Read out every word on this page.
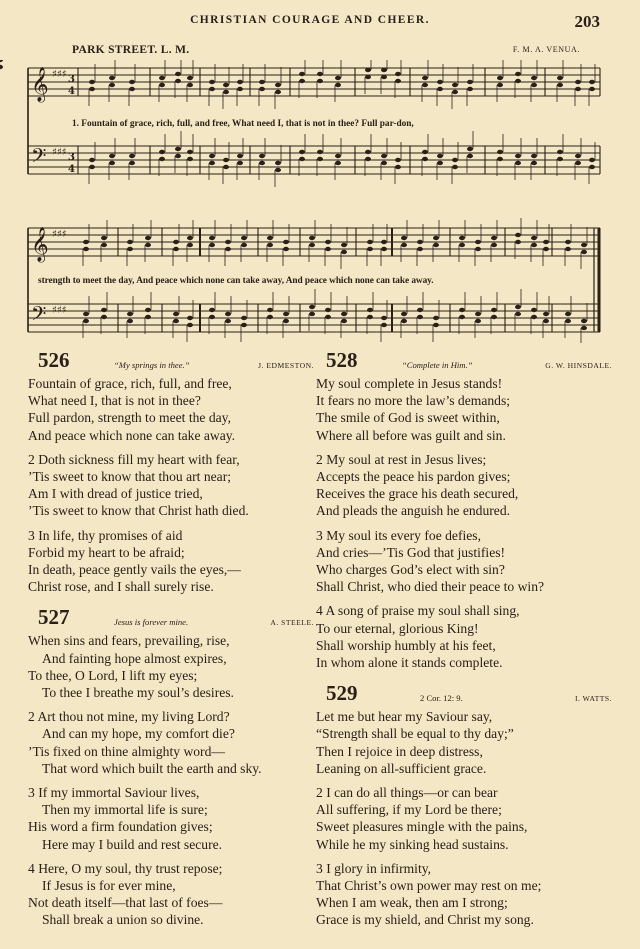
CHRISTIAN COURAGE AND CHEER.	203
PARK STREET. L. M.	F. M. A. VENUA.
𝄞
𝄢
♯♯♯ 3
4
♯♯♯ 3
4
1. Fountain of grace, rich, full, and free, What need I, that is not in thee? Full par-don,
𝄞
𝄢
♯♯♯
♯♯♯
strength to meet the day, And peace which none can take away, And peace which none can take away.
526	“My springs in thee.”	J. EDMESTON.
Fountain of grace, rich, full, and free,
What need I, that is not in thee?
Full pardon, strength to meet the day,
And peace which none can take away.
2 Doth sickness fill my heart with fear,
’Tis sweet to know that thou art near;
Am I with dread of justice tried,
’Tis sweet to know that Christ hath died.
3 In life, thy promises of aid
Forbid my heart to be afraid;
In death, peace gently vails the eyes,—
Christ rose, and I shall surely rise.
527	Jesus is forever mine.	A. STEELE.
When sins and fears, prevailing, rise,
And fainting hope almost expires,
To thee, O Lord, I lift my eyes;
To thee I breathe my soul’s desires.
2 Art thou not mine, my living Lord?
And can my hope, my comfort die?
’Tis fixed on thine almighty word—
That word which built the earth and sky.
3 If my immortal Saviour lives,
Then my immortal life is sure;
His word a firm foundation gives;
Here may I build and rest secure.
4 Here, O my soul, thy trust repose;
If Jesus is for ever mine,
Not death itself—that last of foes—
Shall break a union so divine.
528	“Complete in Him.”	G. W. HINSDALE.
My soul complete in Jesus stands!
It fears no more the law’s demands;
The smile of God is sweet within,
Where all before was guilt and sin.
2 My soul at rest in Jesus lives;
Accepts the peace his pardon gives;
Receives the grace his death secured,
And pleads the anguish he endured.
3 My soul its every foe defies,
And cries—’Tis God that justifies!
Who charges God’s elect with sin?
Shall Christ, who died their peace to win?
4 A song of praise my soul shall sing,
To our eternal, glorious King!
Shall worship humbly at his feet,
In whom alone it stands complete.
529	2 Cor. 12: 9.	I. WATTS.
Let me but hear my Saviour say,
“Strength shall be equal to thy day;”
Then I rejoice in deep distress,
Leaning on all-sufficient grace.
2 I can do all things—or can bear
All suffering, if my Lord be there;
Sweet pleasures mingle with the pains,
While he my sinking head sustains.
3 I glory in infirmity,
That Christ’s own power may rest on me;
When I am weak, then am I strong;
Grace is my shield, and Christ my song.
